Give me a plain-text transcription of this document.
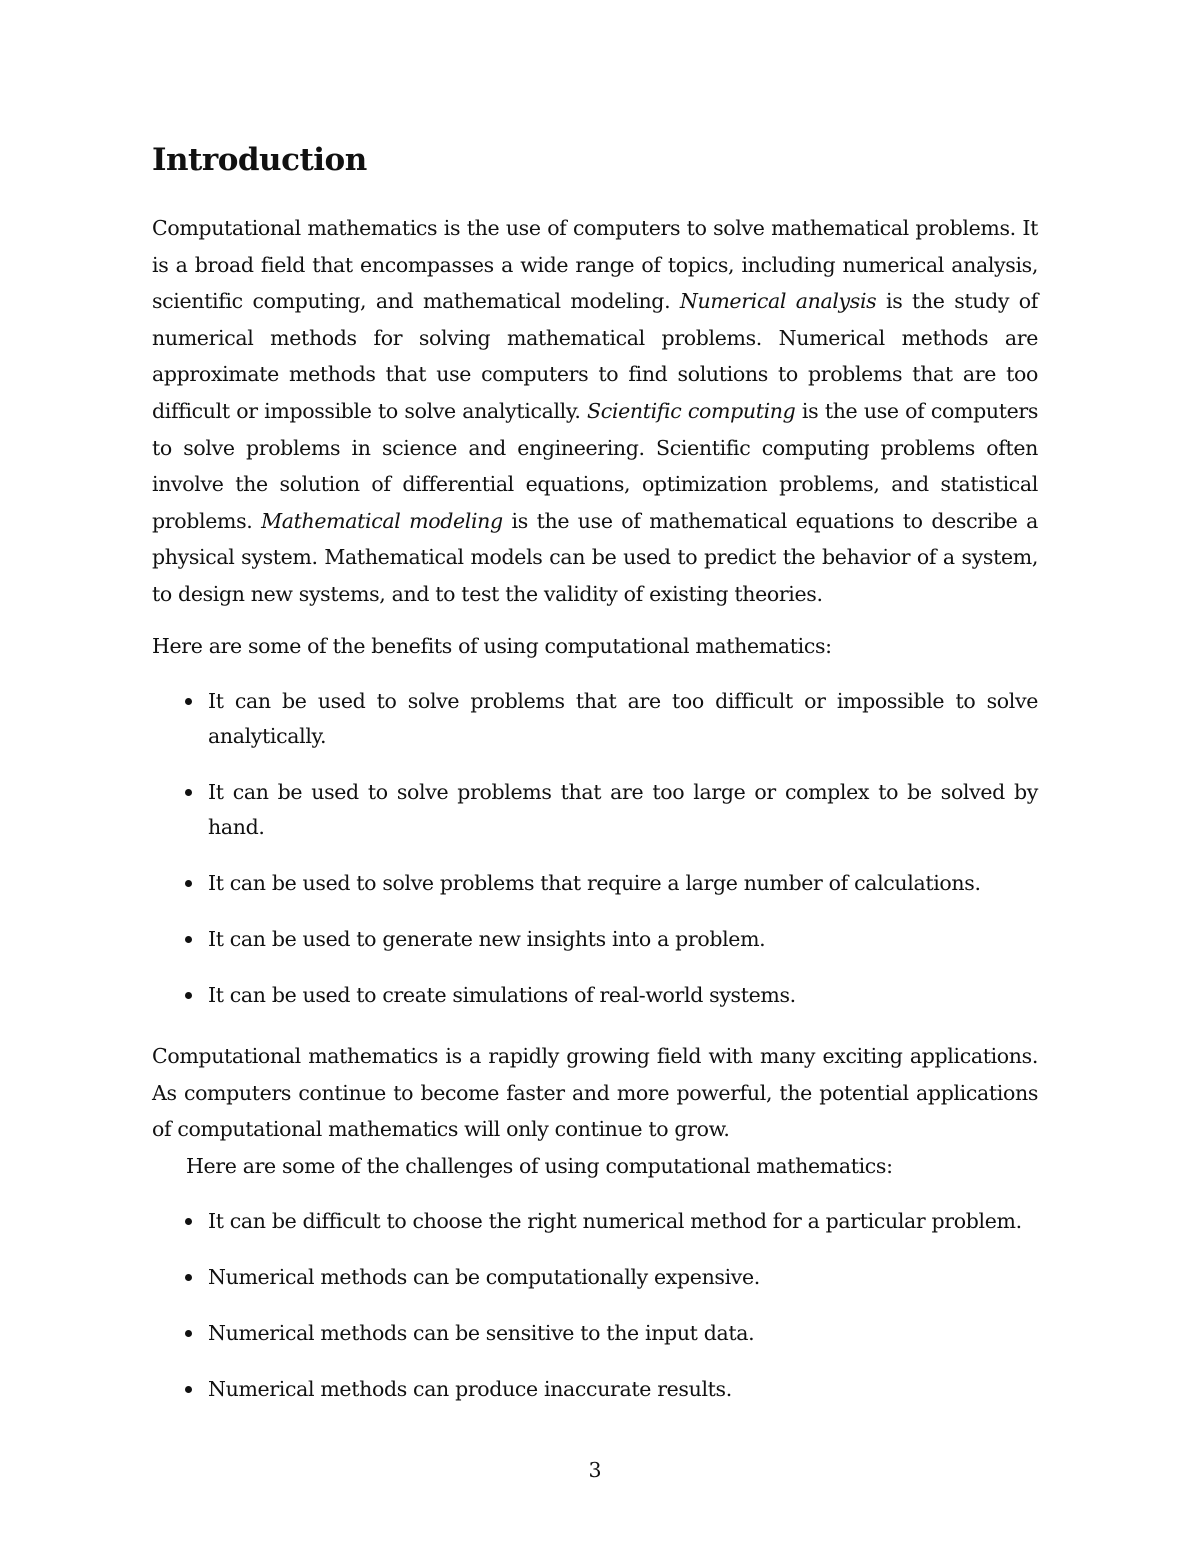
Introduction

Computational mathematics is the use of computers to solve mathematical problems. It is a broad field that encompasses a wide range of topics, including numerical analysis, scientific computing, and mathematical modeling. Numerical analysis is the study of numerical methods for solving mathematical problems. Numerical methods are approximate methods that use computers to find solutions to problems that are too difficult or impossible to solve analytically. Scientific computing is the use of computers to solve problems in science and engineering. Scientific computing problems often involve the solution of differential equations, optimization problems, and statistical problems. Mathematical modeling is the use of mathematical equations to describe a physical system. Mathematical models can be used to predict the behavior of a system, to design new systems, and to test the validity of existing theories.

Here are some of the benefits of using computational mathematics:

It can be used to solve problems that are too difficult or impossible to solve analytically.
It can be used to solve problems that are too large or complex to be solved by hand.
It can be used to solve problems that require a large number of calculations.
It can be used to generate new insights into a problem.
It can be used to create simulations of real-world systems.

Computational mathematics is a rapidly growing field with many exciting applications. As computers continue to become faster and more powerful, the potential applications of computational mathematics will only continue to grow.

Here are some of the challenges of using computational mathematics:

It can be difficult to choose the right numerical method for a particular problem.
Numerical methods can be computationally expensive.
Numerical methods can be sensitive to the input data.
Numerical methods can produce inaccurate results.
3
